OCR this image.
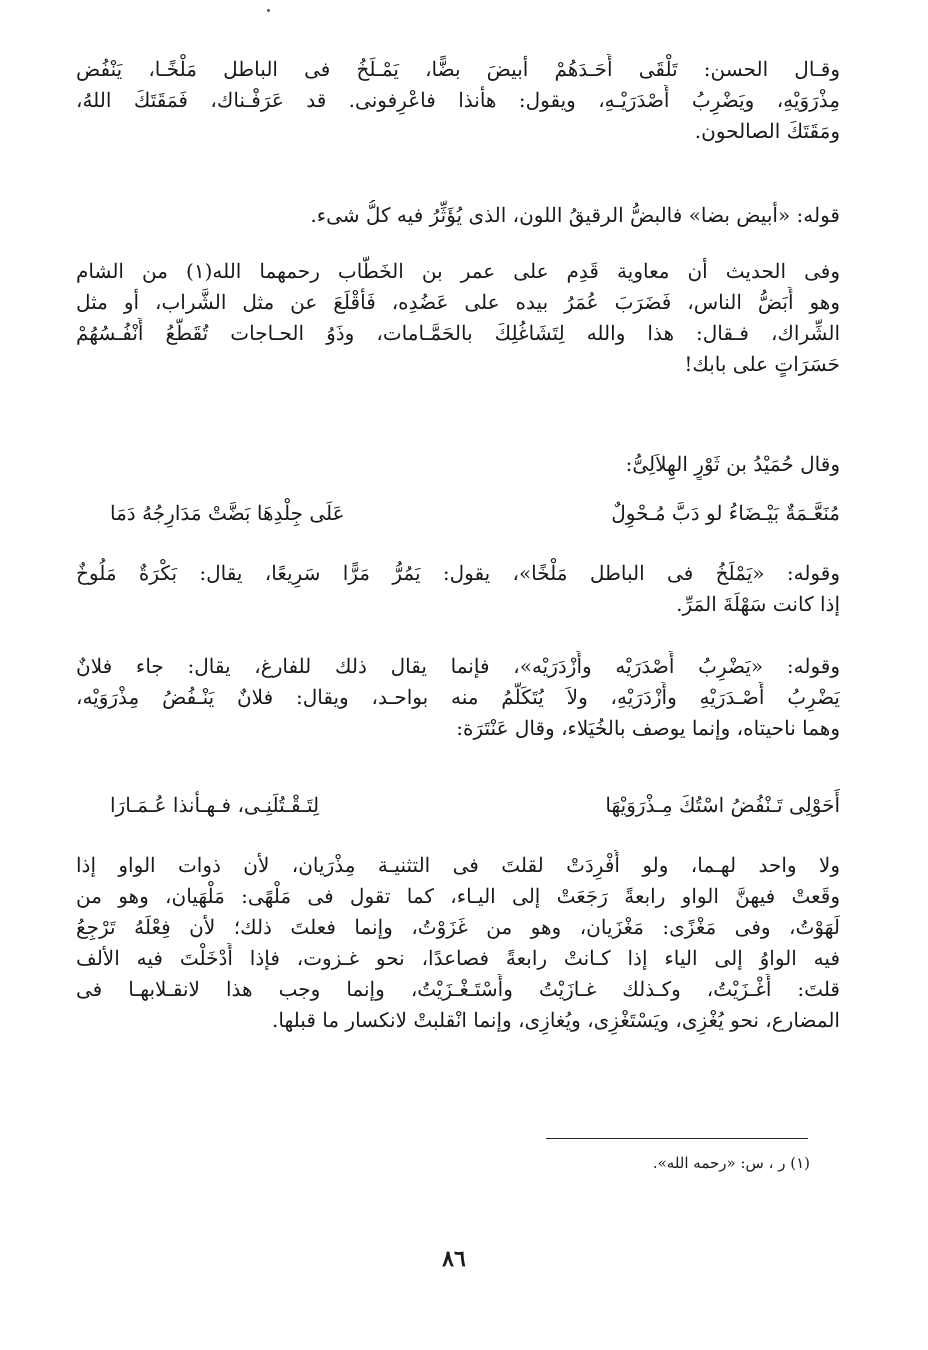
وقـال الحسن: تَلْقَى أَحَـدَهُمْ أبيضَ بضًّا، يَمْـلَخُ فى الباطل مَلْخًـا، يَنْفُض
مِذْرَوَيْهِ، ويَضْرِبُ أَصْدَرَيْـهِ، ويقول: هأنذا فاعْرِفونى. قد عَرَفْـناك، فَمَقَتَكَ اللهُ،
ومَقَتَكَ الصالحون.
قوله: «أبيض بضا» فالبضُّ الرقيقُ اللون، الذى يُؤَثِّرُ فيه كلُّ شىء.
وفى الحديث أن معاوية قَدِم على عمر بن الخَطَّاب رحمهما الله(١) من الشام
وهو أَبَضُّ الناس، فَضَرَبَ عُمَرُ بيده على عَضُدِه، فَأَقْلَعَ عن مثل الشَّراب، أو مثل
الشِّراك، فـقال: هذا والله لِتَشَاغُلِكَ بالحَمَّـامات، وذَوُ الحـاجات تُقَطَّعُ أَنْفُـسُهُمْ
حَسَرَاتٍ على بابك!
وقال حُمَيْدُ بن ثَوْرٍ الهِلاَلِىُّ:
مُنَعَّـمَةٌ بَيْـضَاءُ لو دَبَّ مُـحْوِلٌ
عَلَى جِلْدِهَا بَضَّتْ مَدَارِجُهُ دَمَا
وقوله: «يَمْلَخُ فى الباطل مَلْخًا»، يقول: يَمُرُّ مَرًّا سَرِيعًا، يقال: بَكْرَةٌ مَلُوخٌ
إذا كانت سَهْلَةَ المَرِّ.
وقوله: «يَضْرِبُ أَصْدَرَيْه وأَزْدَرَيْه»، فإنما يقال ذلك للفارغ، يقال: جاء فلانٌ
يَضْرِبُ أَصْـدَرَيْهِ وأَزْدَرَيْهِ، ولاَ يُتَكَلَّمُ منه بواحـد، ويقال: فلانٌ يَنْـفُضُ مِذْرَوَيْه،
وهما ناحيتاه، وإنما يوصف بالخُيَلاء، وقال عَنْتَرَة:
أَحَوْلِى تَـنْفُضُ اسْتُكَ مِـذْرَوَيْهَا
لِتَـقْـتُلَنِـى، فـهـأنذا عُـمَـارَا
ولا واحد لهـما، ولو أُفْرِدَتْ لقلتَ فى التثنيـة مِذْرَيان، لأن ذوات الواو إذا
وقَعتْ فيهنَّ الواو رابعةً رَجَعَتْ إلى اليـاء، كما تقول فى مَلْهًى: مَلْهَيان، وهو من
لَهَوْتُ، وفى مَغْزًى: مَغْزَيان، وهو من غَزَوْتُ، وإنما فعلتَ ذلك؛ لأن فِعْلَهُ تَرْجِعُ
فيه الواوُ إلى الياء إذا كـانتْ رابعةً فصاعدًا، نحو غـزوت، فإذا أَدْخَلْتَ فيه الألف
قلتَ: أَغْـزَيْتُ، وكـذلك غـازَيْتُ وأَسْتَـغْـزَيْتُ، وإنما وجب هذا لانقـلابهـا فى
المضارع، نحو يُغْزِى، ويَسْتَغْزِى، ويُغازِى، وإنما انْقلبتْ لانكسار ما قبلها.
(١) ر ، س: «رحمه الله».
٨٦
